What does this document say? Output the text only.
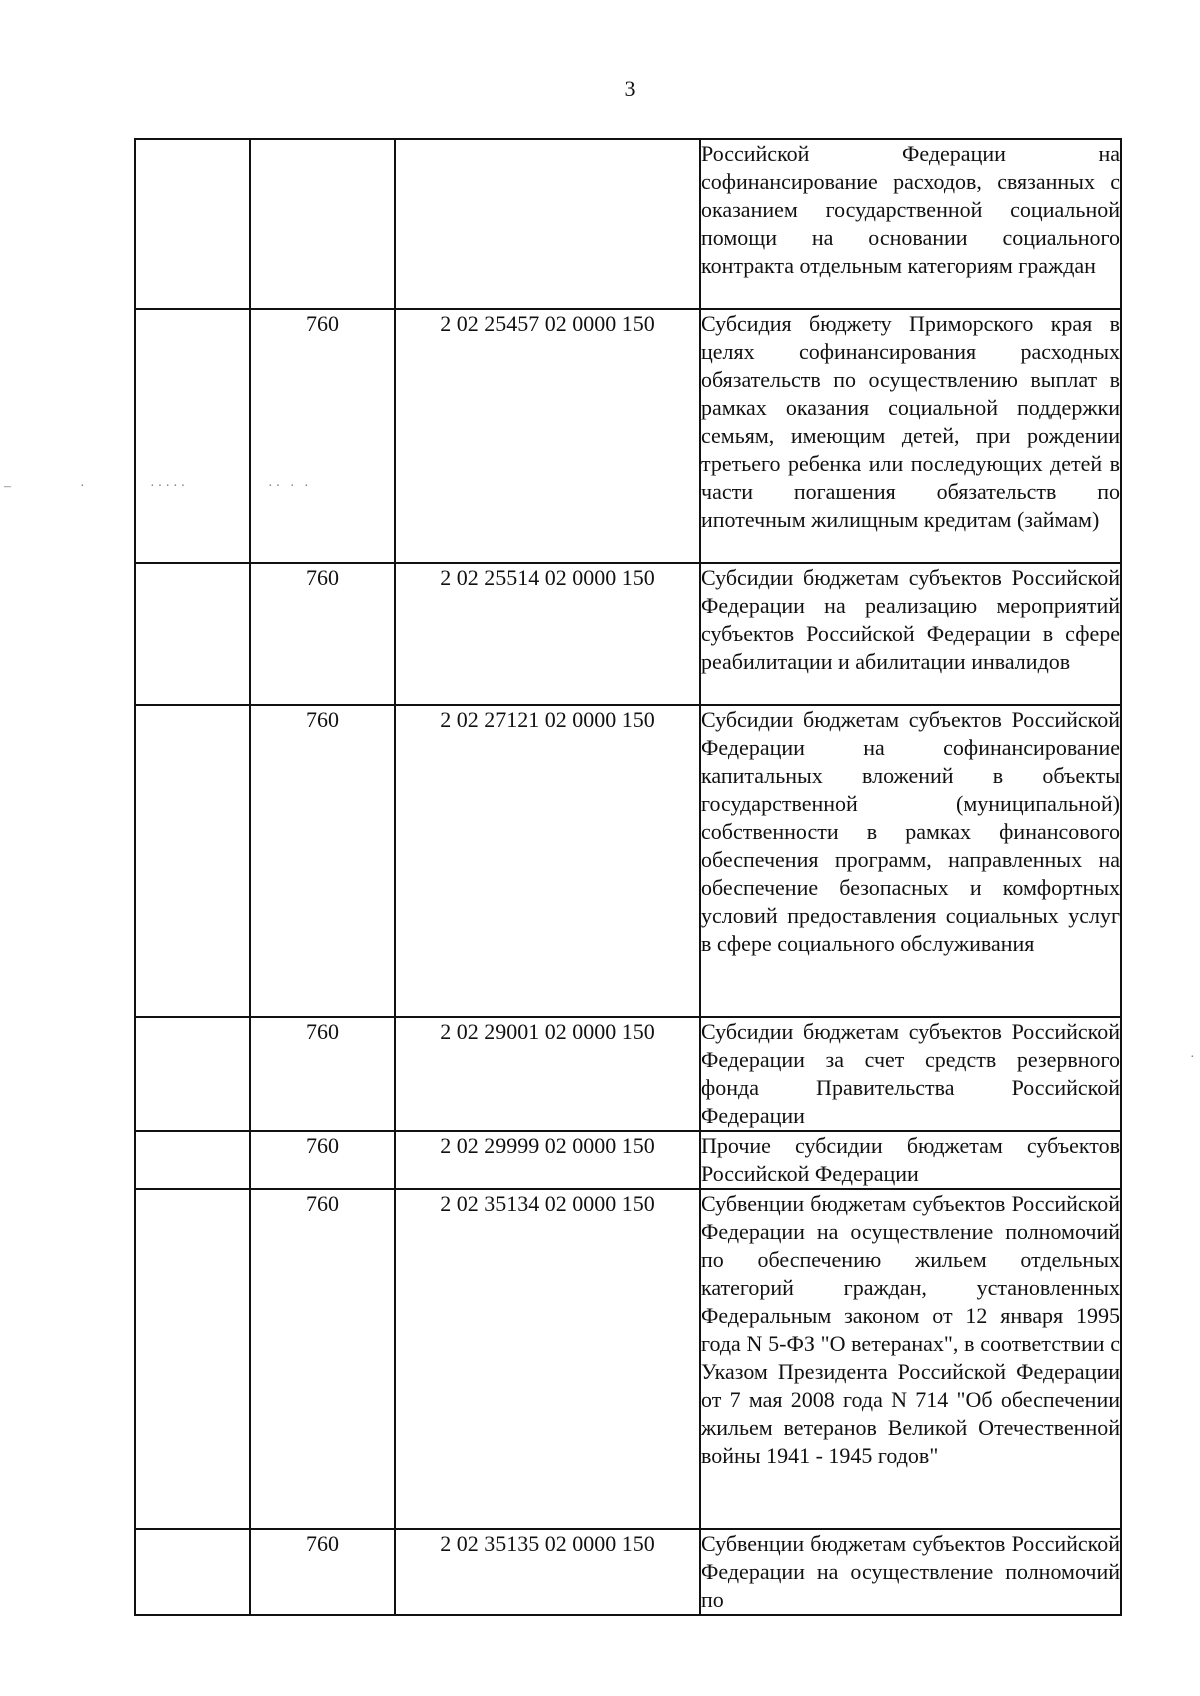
3
–	·	·····	·· · ·
·
			Российской Федерации на софинансирование расходов, связанных с оказанием государственной социальной помощи на основании социального контракта отдельным категориям граждан
	760	2 02 25457 02 0000 150	Субсидия бюджету Приморского края в целях софинансирования расходных обязательств по осуществлению выплат в рамках оказания социальной поддержки семьям, имеющим детей, при рождении третьего ребенка или последующих детей в части погашения обязательств по ипотечным жилищным кредитам (займам)
	760	2 02 25514 02 0000 150	Субсидии бюджетам субъектов Российской Федерации на реализацию мероприятий субъектов Российской Федерации в сфере реабилитации и абилитации инвалидов
	760	2 02 27121 02 0000 150	Субсидии бюджетам субъектов Российской Федерации на софинансирование капитальных вложений в объекты государственной (муниципальной) собственности в рамках финансового обеспечения программ, направленных на обеспечение безопасных и комфортных условий предоставления социальных услуг в сфере социального обслуживания
	760	2 02 29001 02 0000 150	Субсидии бюджетам субъектов Российской Федерации за счет средств резервного фонда Правительства Российской Федерации
	760	2 02 29999 02 0000 150	Прочие субсидии бюджетам субъектов Российской Федерации
	760	2 02 35134 02 0000 150	Субвенции бюджетам субъектов Российской Федерации на осуществление полномочий по обеспечению жильем отдельных категорий граждан, установленных Федеральным законом от 12 января 1995 года N 5-ФЗ "О ветеранах", в соответствии с Указом Президента Российской Федерации от 7 мая 2008 года N 714 "Об обеспечении жильем ветеранов Великой Отечественной войны 1941 - 1945 годов"
	760	2 02 35135 02 0000 150	Субвенции бюджетам субъектов Российской Федерации на осуществление полномочий по
